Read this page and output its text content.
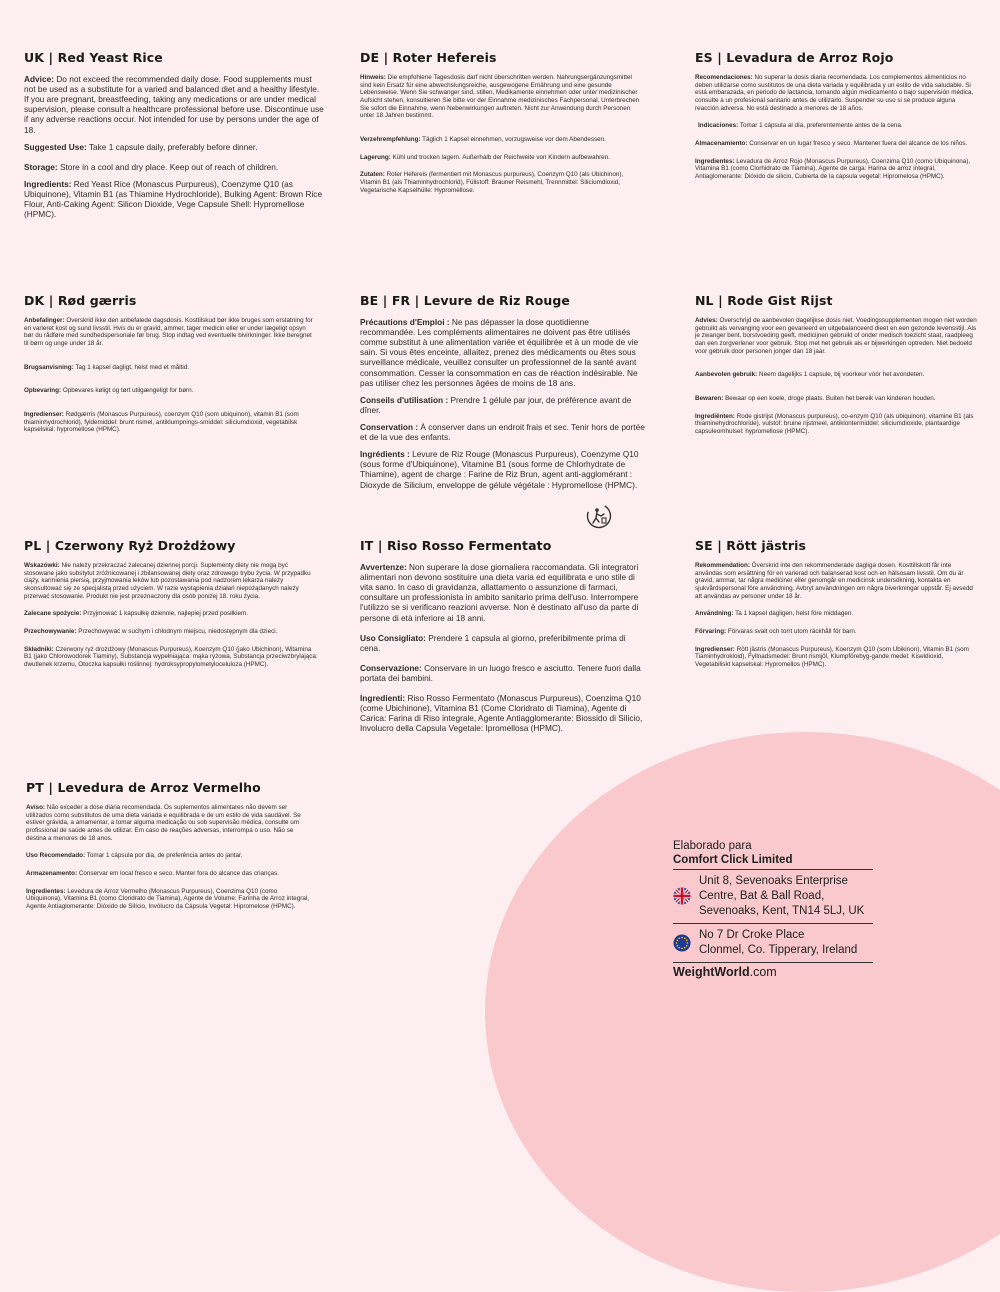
UK | Red Yeast Rice

Advice: Do not exceed the recommended daily dose. Food supplements must not be used as a substitute for a varied and balanced diet and a healthy lifestyle. If you are pregnant, breastfeeding, taking any medications or are under medical supervision, please consult a healthcare professional before use. Discontinue use if any adverse reactions occur. Not intended for use by persons under the age of 18.

Suggested Use: Take 1 capsule daily, preferably before dinner.

Storage: Store in a cool and dry place. Keep out of reach of children.

Ingredients: Red Yeast Rice (Monascus Purpureus), Coenzyme Q10 (as Ubiquinone), Vitamin B1 (as Thiamine Hydrochloride), Bulking Agent: Brown Rice Flour, Anti-Caking Agent: Silicon Dioxide, Vege Capsule Shell: Hypromellose (HPMC).

DE | Roter Hefereis

Hinweis: Die empfohlene Tagesdosis darf nicht überschritten werden. Nahrungsergänzungsmittel sind kein Ersatz für eine abwechslungsreiche, ausgewogene Ernährung und eine gesunde Lebensweise. Wenn Sie schwanger sind, stillen, Medikamente einnehmen oder unter medizinischer Aufsicht stehen, konsultieren Sie bitte vor der Einnahme medizinisches Fachpersonal. Unterbrechen Sie sofort die Einnahme, wenn Nebenwirkungen auftreten. Nicht zur Anwendung durch Personen unter 18 Jahren bestimmt.

Verzehrempfehlung: Täglich 1 Kapsel einnehmen, vorzugsweise vor dem Abendessen.

Lagerung: Kühl und trocken lagern. Außerhalb der Reichweite von Kindern aufbewahren.

Zutaten: Roter Hefereis (fermentiert mit Monascus purpureus), Coenzym Q10 (als Ubichinon), Vitamin B1 (als Thiaminhydrochlorid), Füllstoff: Brauner Reismehl, Trennmittel: Siliciumdioxid, Vegetarische Kapselhülle: Hypromellose.

ES | Levadura de Arroz Rojo

Recomendaciones: No superar la dosis diaria recomendada. Los complementos alimenticios no deben utilizarse como sustitutos de una dieta variada y equilibrada y un estilo de vida saludable. Si está embarazada, en periodo de lactancia, tomando algún medicamento o bajo supervisión médica, consulte a un profesional sanitario antes de utilizarlo. Suspender su uso si se produce alguna reacción adversa. No está destinado a menores de 18 años.

Indicaciones: Tomar 1 cápsula al día, preferentemente antes de la cena.

Almacenamiento: Conservar en un lugar fresco y seco. Mantener fuera del alcance de los niños.

Ingredientes: Levadura de Arroz Rojo (Monascus Purpureus), Coenzima Q10 (como Ubiquinona), Vitamina B1 (como Clorhidrato de Tiamina), Agente de carga: Harina de arroz integral, Antiaglomerante: Dióxido de silicio, Cubierta de la cápsula vegetal: Hipromelosa (HPMC).

DK | Rød gærris

Anbefalinger: Overskrid ikke den anbefalede dagsdosis. Kosttilskud bør ikke bruges som erstatning for en varieret kost og sund livsstil. Hvis du er gravid, ammer, tager medicin eller er under lægeligt opsyn bør du rådføre med sundhedspersonale før brug. Stop indtag ved eventuelle bivirkninger. Ikke beregnet til børn og unge under 18 år.

Brugsanvisning: Tag 1 kapsel dagligt, helst med et måltid.

Opbevaring: Opbevares køligt og tørt utilgængeligt for børn.

Ingredienser: Rødgærris (Monascus Purpureus), coenzym Q10 (som ubiquinon), vitamin B1 (som thiaminhydrochlorid), fyldemiddel: brunt rismel, antiklumpnings-smiddel: siliciumdioxid, vegetabilsk kapselskal: hypromellose (HPMC).

BE | FR | Levure de Riz Rouge

Précautions d'Emploi : Ne pas dépasser la dose quotidienne recommandée. Les compléments alimentaires ne doivent pas être utilisés comme substitut à une alimentation variée et équilibrée et à un mode de vie sain. Si vous êtes enceinte, allaitez, prenez des médicaments ou êtes sous surveillance médicale, veuillez consulter un professionnel de la santé avant consommation. Cesser la consommation en cas de réaction indésirable. Ne pas utiliser chez les personnes âgées de moins de 18 ans.

Conseils d'utilisation : Prendre 1 gélule par jour, de préférence avant de dîner.

Conservation : À conserver dans un endroit frais et sec. Tenir hors de portée et de la vue des enfants.

Ingrédients : Levure de Riz Rouge (Monascus Purpureus), Coenzyme Q10 (sous forme d'Ubiquinone), Vitamine B1 (sous forme de Chlorhydrate de Thiamine), agent de charge : Farine de Riz Brun, agent anti-agglomérant : Dioxyde de Silicium, enveloppe de gélule végétale : Hypromellose (HPMC).

NL | Rode Gist Rijst

Advies: Overschrijd de aanbevolen dagelijkse dosis niet. Voedingssupplementen mogen niet worden gebruikt als vervanging voor een gevarieerd en uitgebalanceerd dieet en een gezonde levensstijl. Als je zwanger bent, borstvoeding geeft, medicijnen gebruikt of onder medisch toezicht staat, raadpleeg dan een zorgverlener voor gebruik. Stop met het gebruik als er bijwerkingen optreden. Niet bedoeld voor gebruik door personen jonger dan 18 jaar.

Aanbevolen gebruik: Neem dagelijks 1 capsule, bij voorkeur vóór het avondeten.

Bewaren: Bewaar op een koele, droge plaats. Buiten het bereik van kinderen houden.

Ingrediënten: Rode gistrijst (Monascus purpureus), co-enzym Q10 (als ubiquinon), vitamine B1 (als thiaminehydrochloride), vulstof: bruine rijstmeel, antiklontermiddel: siliciumdioxide, plantaardige capsuleomhulsel: hypromellose (HPMC).

PL | Czerwony Ryż Drożdżowy

Wskazówki: Nie należy przekraczać zalecanej dziennej porcji. Suplementy diety nie mogą być stosowane jako substytut zróżnicowanej i zbilansowanej diety oraz zdrowego trybu życia. W przypadku ciąży, karmienia piersią, przyjmowania leków lub pozostawania pod nadzorem lekarza należy skonsultować się ze specjalistą przed użyciem. W razie wystąpienia działań niepożądanych należy przerwać stosowanie. Produkt nie jest przeznaczony dla osób poniżej 18. roku życia.

Zalecane spożycie: Przyjmować 1 kapsułkę dziennie, najlepiej przed posiłkiem.

Przechowywanie: Przechowywać w suchym i chłodnym miejscu, niedostępnym dla dzieci.

Składniki: Czerwony ryż drożdżowy (Monascus Purpureus), Koenzym Q10 (jako Ubichinon), Witamina B1 (jako Chlorowodorek Tiaminy), Substancja wypełniająca: mąka ryżowa, Substancja przeciwzbrylająca: dwutlenek krzemu, Otoczka kapsułki roślinnej: hydroksypropylometyloceluloza (HPMC).

IT | Riso Rosso Fermentato

Avvertenze: Non superare la dose giornaliera raccomandata. Gli integratori alimentari non devono sostituire una dieta varia ed equilibrata e uno stile di vita sano. In caso di gravidanza, allattamento o assunzione di farmaci, consultare un professionista in ambito sanitario prima dell'uso. Interrompere l'utilizzo se si verificano reazioni avverse. Non è destinato all'uso da parte di persone di età inferiore ai 18 anni.

Uso Consigliato: Prendere 1 capsula al giorno, preferibilmente prima di cena.

Conservazione: Conservare in un luogo fresco e asciutto. Tenere fuori dalla portata dei bambini.

Ingredienti: Riso Rosso Fermentato (Monascus Purpureus), Coenzima Q10 (come Ubichinone), Vitamina B1 (Come Cloridrato di Tiamina), Agente di Carica: Farina di Riso integrale, Agente Antiagglomerante: Biossido di Silicio, Involucro della Capsula Vegetale: Ipromellosa (HPMC).

SE | Rött jästris

Rekommendation: Överskrid inte den rekommenderade dagliga dosen. Kosttillskott får inte användas som ersättning för en varierad och balanserad kost och en hälsosam livsstil. Om du är gravid, ammar, tar några mediciner eller genomgår en medicinsk undersökning, kontakta en sjukvårdspersonal före användning. Avbryt användningen om några biverkningar uppstår. Ej avsedd att användas av personer under 18 år.

Användning: Ta 1 kapsel dagligen, helst före middagen.

Förvaring: Förvaras svalt och torrt utom räckhåll för barn.

Ingredienser: Rött jästris (Monascus Purpureus), Koenzym Q10 (som Ubikinon), Vitamin B1 (som Tiaminhydrokloid), Fyllnadsmedel: Brunt rismjöl, Klumpförebyg-gande medel: Kiseldioxid, Vegetabiliskt kapselskal: Hypromellos (HPMC).

PT | Levedura de Arroz Vermelho

Aviso: Não exceder a dose diária recomendada. Os suplementos alimentares não devem ser utilizados como substitutos de uma dieta variada e equilibrada e de um estilo de vida saudável. Se estiver grávida, a amamentar, a tomar alguma medicação ou sob supervisão médica, consulte um profissional de saúde antes de utilizar. Em caso de reações adversas, interrompa o uso. Não se destina a menores de 18 anos.

Uso Recomendado: Tomar 1 cápsula por dia, de preferência antes do jantar.

Armazenamento: Conservar em local fresco e seco. Manter fora do alcance das crianças.

Ingredientes: Levedura de Arroz Vermelho (Monascus Purpureus), Coenzima Q10 (como Ubiquinona), Vitamina B1 (como Cloridrato de Tiamina), Agente de Volume: Farinha de Arroz integral, Agente Antiaglomerante: Dióxido de Silício, Invólucro da Cápsula Vegetal: Hipromelose (HPMC).

Elaborado para
Comfort Click Limited
Unit 8, Sevenoaks Enterprise
Centre, Bat & Ball Road,
Sevenoaks, Kent, TN14 5LJ, UK
No 7 Dr Croke Place
Clonmel, Co. Tipperary, Ireland
WeightWorld.com
